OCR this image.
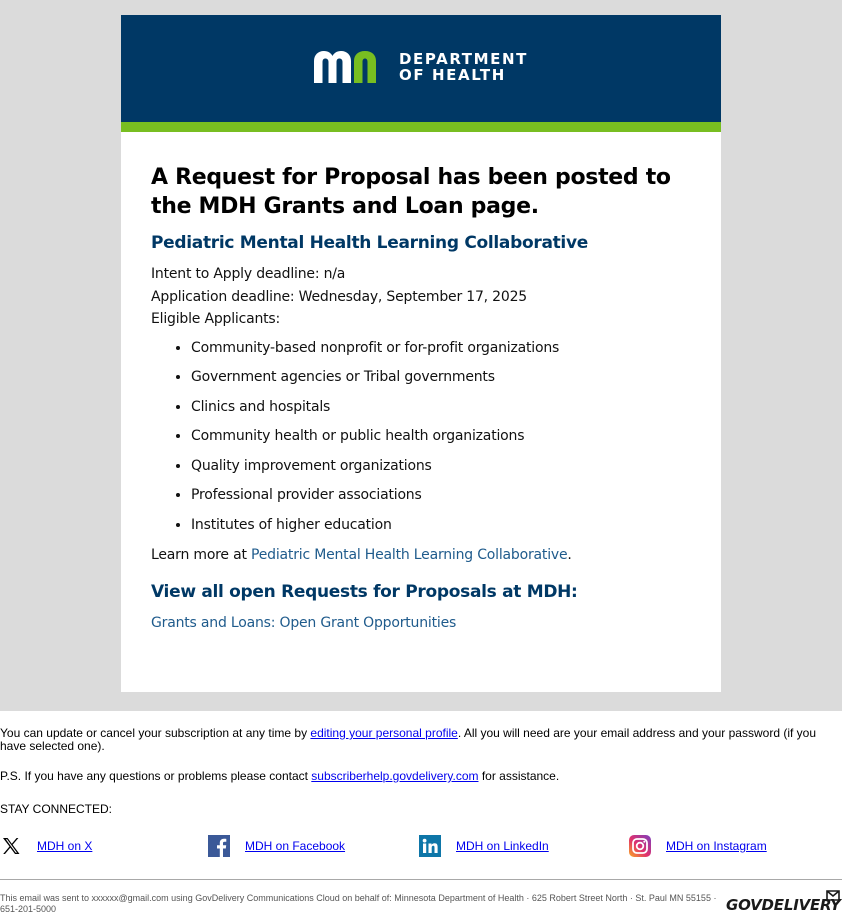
DEPARTMENT
OF HEALTH
A Request for Proposal has been posted to the MDH Grants and Loan page.
Pediatric Mental Health Learning Collaborative
Intent to Apply deadline: n/a
Application deadline: Wednesday, September 17, 2025
Eligible Applicants:
• Community-based nonprofit or for-profit organizations
• Government agencies or Tribal governments
• Clinics and hospitals
• Community health or public health organizations
• Quality improvement organizations
• Professional provider associations
• Institutes of higher education
Learn more at Pediatric Mental Health Learning Collaborative.
View all open Requests for Proposals at MDH:
Grants and Loans: Open Grant Opportunities

You can update or cancel your subscription at any time by editing your personal profile. All you will need are your email address and your password (if you have selected one).

P.S. If you have any questions or problems please contact subscriberhelp.govdelivery.com for assistance.

STAY CONNECTED:

MDH on X	MDH on Facebook	MDH on LinkedIn	MDH on Instagram
This email was sent to xxxxxx@gmail.com using GovDelivery Communications Cloud on behalf of: Minnesota Department of Health · 625 Robert Street North · St. Paul MN 55155 · 651-201-5000	GOVDELIVERY
